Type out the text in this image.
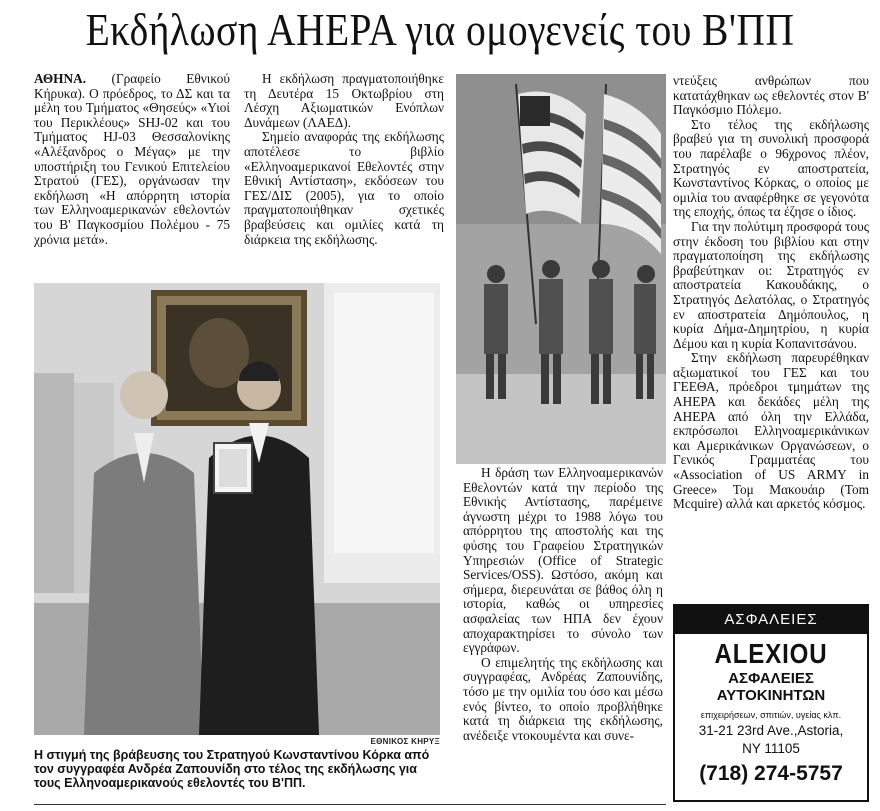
Εκδήλωση ΑΗΕΡΑ για ομογενείς του Β'ΠΠ

ΑΘΗΝΑ. (Γραφείο Εθνικού Κήρυκα). Ο πρόεδρος, το ΔΣ και τα μέλη του Τμήματος «Θησεύς» «Υιοί του Περικλέους» SHJ-02 και του Τμήματος HJ-03 Θεσσαλονίκης «Αλέξανδρος ο Μέγας» με την υποστήριξη του Γενικού Επιτελείου Στρατού (ΓΕΣ), οργάνωσαν την εκδήλωση «Η απόρρητη ιστορία των Ελληνοαμερικανών εθελοντών του Β' Παγκοσμίου Πολέμου - 75 χρόνια μετά».

Η εκδήλωση πραγματοποιήθηκε τη Δευτέρα 15 Οκτωβρίου στη Λέσχη Αξιωματικών Ενόπλων Δυνάμεων (ΛΑΕΔ).

Σημείο αναφοράς της εκδήλωσης αποτέλεσε το βιβλίο «Ελληνοαμερικανοί Εθελοντές στην Εθνική Αντίσταση», εκδόσεων του ΓΕΣ/ΔΙΣ (2005), για το οποίο πραγματοποιήθηκαν σχετικές βραβεύσεις και ομιλίες κατά τη διάρκεια της εκδήλωσης.

ΕΘΝΙΚΟΣ ΚΗΡΥΞ
Η στιγμή της βράβευσης του Στρατηγού Κωνσταντίνου Κόρκα από τον συγγραφέα Ανδρέα Ζαπουνίδη στο τέλος της εκδήλωσης για τους Ελληνοαμερικανούς εθελοντές του Β'ΠΠ.

Η δράση των Ελληνοαμερικανών Εθελοντών κατά την περίοδο της Εθνικής Αντίστασης, παρέμεινε άγνωστη μέχρι το 1988 λόγω του απόρρητου της αποστολής και της φύσης του Γραφείου Στρατηγικών Υπηρεσιών (Office of Strategic Services/OSS). Ωστόσο, ακόμη και σήμερα, διερευνάται σε βάθος όλη η ιστορία, καθώς οι υπηρεσίες ασφαλείας των ΗΠΑ δεν έχουν αποχαρακτηρίσει το σύνολο των εγγράφων.

Ο επιμελητής της εκδήλωσης και συγγραφέας, Ανδρέας Ζαπουνίδης, τόσο με την ομιλία του όσο και μέσω ενός βίντεο, το οποίο προβλήθηκε κατά τη διάρκεια της εκδήλωσης, ανέδειξε ντοκουμέντα και συνε-

ντεύξεις ανθρώπων που κατατάχθηκαν ως εθελοντές στον Β' Παγκόσμιο Πόλεμο.

Στο τέλος της εκδήλωσης βραβεύ για τη συνολική προσφορά του παρέλαβε ο 96χρονος πλέον, Στρατηγός εν αποστρατεία, Κωνσταντίνος Κόρκας, ο οποίος με ομιλία του αναφέρθηκε σε γεγονότα της εποχής, όπως τα έζησε ο ίδιος.

Για την πολύτιμη προσφορά τους στην έκδοση του βιβλίου και στην πραγματοποίηση της εκδήλωσης βραβεύτηκαν οι: Στρατηγός εν αποστρατεία Κακουδάκης, ο Στρατηγός Δελατόλας, ο Στρατηγός εν αποστρατεία Δημόπουλος, η κυρία Δήμα-Δημητρίου, η κυρία Δέμου και η κυρία Κοπανιτσάνου.

Στην εκδήλωση παρευρέθηκαν αξιωματικοί του ΓΕΣ και του ΓΕΕΘΑ, πρόεδροι τμημάτων της ΑΗΕΡΑ και δεκάδες μέλη της ΑΗΕΡΑ από όλη την Ελλάδα, εκπρόσωποι Ελληνοαμερικάνικων και Αμερικάνικων Οργανώσεων, ο Γενικός Γραμματέας του «Association of US ARMY in Greece» Τομ Μακουάιρ (Tom Mcquire) αλλά και αρκετός κόσμος.

ΑΣΦΑΛΕΙΕΣ
ALEXIOU
ΑΣΦΑΛΕΙΕΣ
ΑΥΤΟΚΙΝΗΤΩΝ
επιχειρήσεων, σπιτιών, υγείας κλπ.
31-21 23rd Ave.,Astoria,
NY 11105
(718) 274-5757
